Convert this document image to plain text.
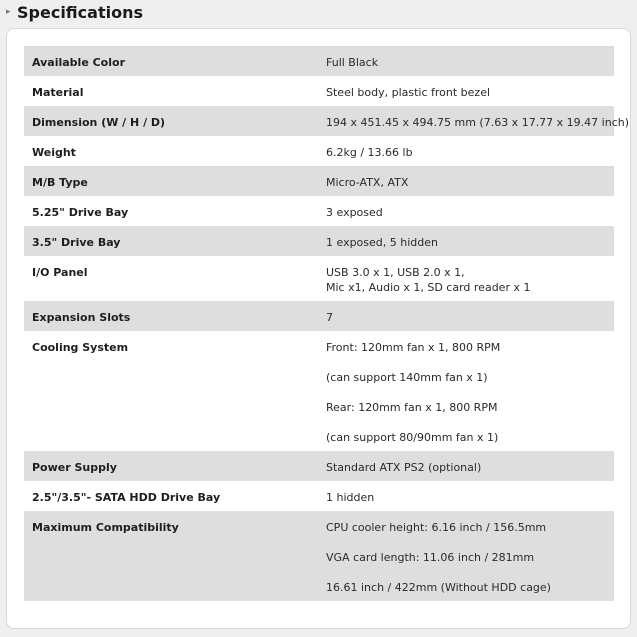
▸ Specifications
Available Color	Full Black
Material	Steel body, plastic front bezel
Dimension (W / H / D)	194 x 451.45 x 494.75 mm (7.63 x 17.77 x 19.47 inch)
Weight	6.2kg / 13.66 lb
M/B Type	Micro-ATX, ATX
5.25" Drive Bay	3 exposed
3.5" Drive Bay	1 exposed, 5 hidden
I/O Panel	USB 3.0 x 1, USB 2.0 x 1,
Mic x1, Audio x 1, SD card reader x 1
Expansion Slots	7
Cooling System	Front: 120mm fan x 1, 800 RPM
(can support 140mm fan x 1)
Rear: 120mm fan x 1, 800 RPM
(can support 80/90mm fan x 1)
Power Supply	Standard ATX PS2 (optional)
2.5"/3.5"- SATA HDD Drive Bay	1 hidden
Maximum Compatibility	CPU cooler height: 6.16 inch / 156.5mm
VGA card length: 11.06 inch / 281mm
16.61 inch / 422mm (Without HDD cage)
